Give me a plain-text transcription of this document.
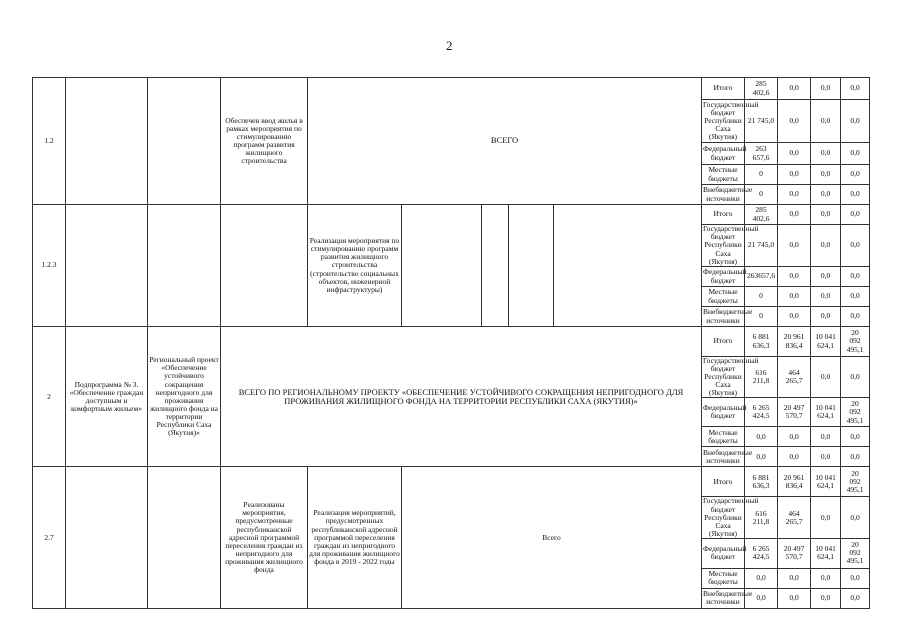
2
1.2			Обеспечен ввод жилья в рамках мероприятия по стимулированию программ развития жилищного строительства	ВСЕГО					Итого	285
402,6	0,0	0,0	0,0	
									Государственный
бюджет
Республики Саха
(Якутия)	21 745,0	0,0	0,0	0,0	
									Федеральный
бюджет	263
657,6	0,0	0,0	0,0	
									Местные
бюджеты	0	0,0	0,0	0,0	
									Внебюджетные
источники	0	0,0	0,0	0,0	
1.2.3				Реализация мероприятия по стимулированию программ развития жилищного строительства (строительство социальных объектов, инженерной инфраструктуры)					Итого	285
402,6	0,0	0,0	0,0	
									Государственный
бюджет
Республики Саха
(Якутия)	21 745,0	0,0	0,0	0,0	
									Федеральный
бюджет	263657,6	0,0	0,0	0,0	
									Местные
бюджеты	0	0,0	0,0	0,0	
									Внебюджетные
источники	0	0,0	0,0	0,0	
2	Подпрограмма № 3. «Обеспечение граждан доступным и комфортным жильем»	Региональный проект «Обеспечение устойчивого сокращения непригодного для проживания жилищного фонда на территории Республики Саха (Якутия)»	ВСЕГО ПО РЕГИОНАЛЬНОМУ ПРОЕКТУ «ОБЕСПЕЧЕНИЕ УСТОЙЧИВОГО СОКРАЩЕНИЯ НЕПРИГОДНОГО ДЛЯ ПРОЖИВАНИЯ ЖИЛИЩНОГО ФОНДА НА ТЕРРИТОРИИ РЕСПУБЛИКИ САХА (ЯКУТИЯ)»						Итого	6 881
636,3	20 961
836,4	10 041
624,1	20
092
495,1	
									Государственный
бюджет
Республики Саха
(Якутия)	616
211,8	464
265,7	0,0	0,0	
									Федеральный
бюджет	6 265
424,5	20 497
570,7	10 041
624,1	20
092
495,1	
									Местные
бюджеты	0,0	0,0	0,0	0,0	
									Внебюджетные
источники	0,0	0,0	0,0	0,0	
2.7			Реализованы мероприятия, предусмотренные республиканской адресной программой переселения граждан из непригодного для проживания жилищного фонда	Реализация мероприятий, предусмотренных республиканской адресной программой переселения граждан из непригодного для проживания жилищного фонда в 2019 - 2022 годы	Всего				Итого	6 881
636,3	20 961
836,4	10 041
624,1	20
092
495,1	
									Государственный
бюджет
Республики Саха
(Якутия)	616
211,8	464
265,7	0,0	0,0	
									Федеральный
бюджет	6 265
424,5	20 497
570,7	10 041
624,1	20
092
495,1	
									Местные
бюджеты	0,0	0,0	0,0	0,0	
									Внебюджетные
источники	0,0	0,0	0,0	0,0	
